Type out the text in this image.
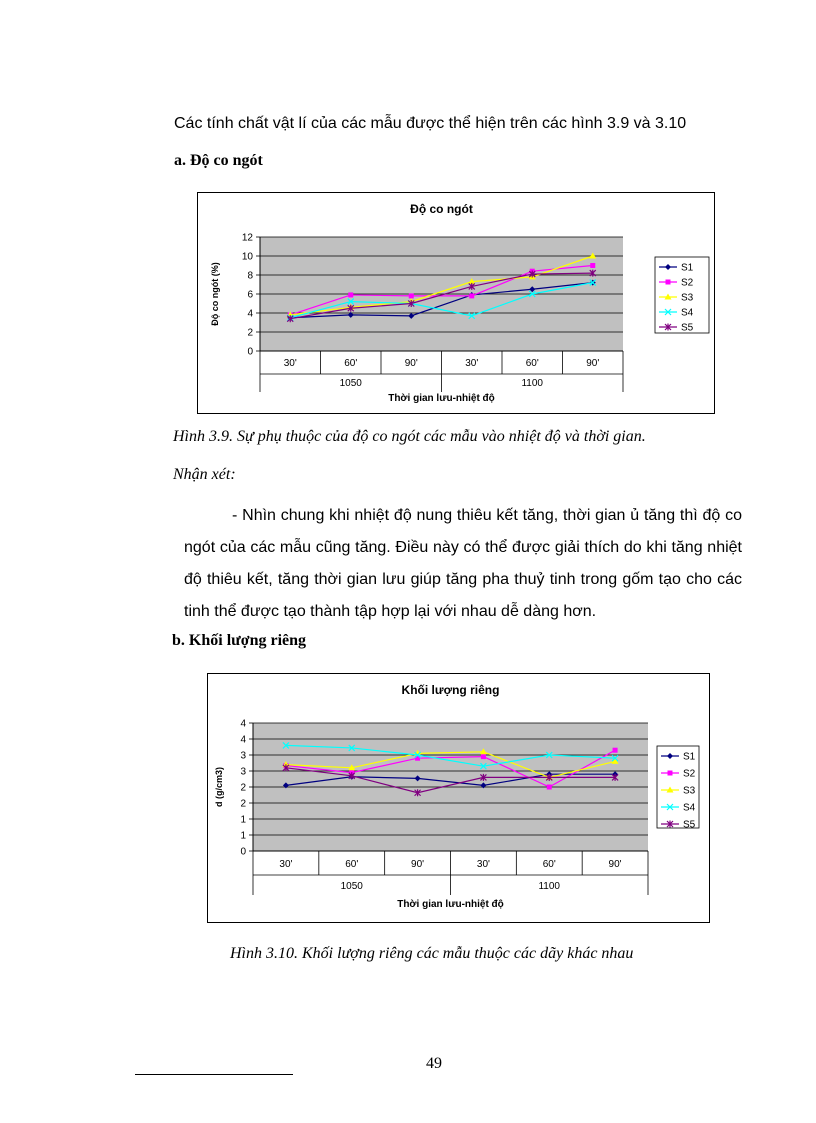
Các tính chất vật lí của các mẫu được thể hiện trên các hình 3.9 và 3.10
a. Độ co ngót
Độ co ngót
0
2
4
6
8
10
12
30'	60'	90'	30'	60'	90'
1050	1100
Thời gian lưu-nhiệt độ
Độ co ngót (%)	S1
S2
S3
S4
S5
Hình 3.9. Sự phụ thuộc của độ co ngót các mẫu vào nhiệt độ và thời gian.
Nhận xét:
- Nhìn chung khi nhiệt độ nung thiêu kết tăng, thời gian ủ tăng thì độ co ngót của các mẫu cũng tăng. Điều này có thể được giải thích do khi tăng nhiệt độ thiêu kết, tăng thời gian lưu giúp tăng pha thuỷ tinh trong gốm tạo cho các tinh thể được tạo thành tập hợp lại với nhau dễ dàng hơn.
b. Khối lượng riêng
Khối lượng riêng
0
1
1
2
2
3
3
4
4
30'	60'	90'	30'	60'	90'
1050	1100
Thời gian lưu-nhiệt độ
d (g/cm3)
S1
S2
S3
S4
S5
Hình 3.10. Khối lượng riêng các mẫu thuộc các dãy khác nhau
49
